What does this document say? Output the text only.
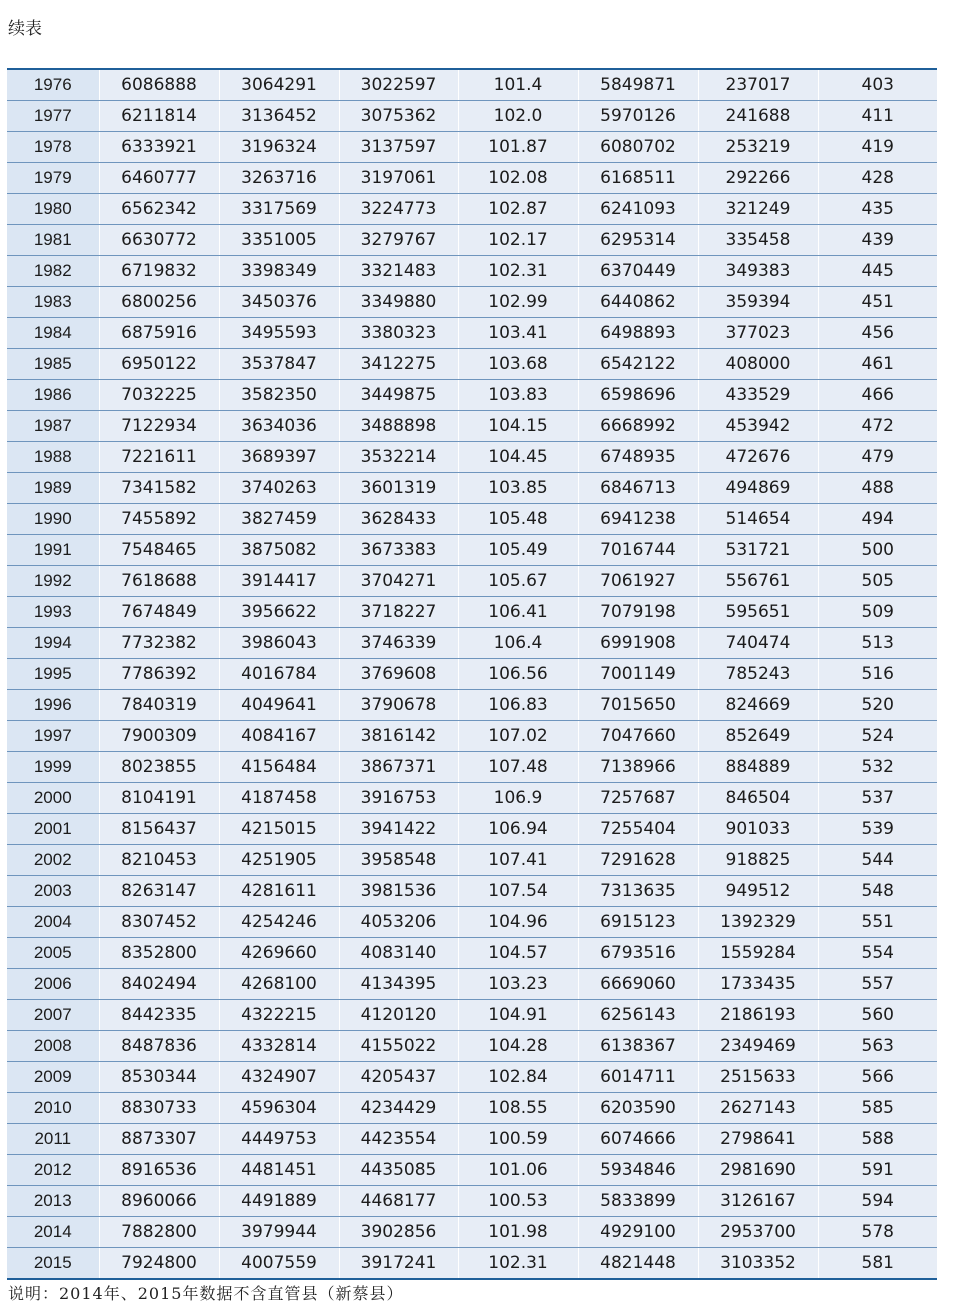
续表
1976	6086888	3064291	3022597	101.4	5849871	237017	403
1977	6211814	3136452	3075362	102.0	5970126	241688	411
1978	6333921	3196324	3137597	101.87	6080702	253219	419
1979	6460777	3263716	3197061	102.08	6168511	292266	428
1980	6562342	3317569	3224773	102.87	6241093	321249	435
1981	6630772	3351005	3279767	102.17	6295314	335458	439
1982	6719832	3398349	3321483	102.31	6370449	349383	445
1983	6800256	3450376	3349880	102.99	6440862	359394	451
1984	6875916	3495593	3380323	103.41	6498893	377023	456
1985	6950122	3537847	3412275	103.68	6542122	408000	461
1986	7032225	3582350	3449875	103.83	6598696	433529	466
1987	7122934	3634036	3488898	104.15	6668992	453942	472
1988	7221611	3689397	3532214	104.45	6748935	472676	479
1989	7341582	3740263	3601319	103.85	6846713	494869	488
1990	7455892	3827459	3628433	105.48	6941238	514654	494
1991	7548465	3875082	3673383	105.49	7016744	531721	500
1992	7618688	3914417	3704271	105.67	7061927	556761	505
1993	7674849	3956622	3718227	106.41	7079198	595651	509
1994	7732382	3986043	3746339	106.4	6991908	740474	513
1995	7786392	4016784	3769608	106.56	7001149	785243	516
1996	7840319	4049641	3790678	106.83	7015650	824669	520
1997	7900309	4084167	3816142	107.02	7047660	852649	524
1999	8023855	4156484	3867371	107.48	7138966	884889	532
2000	8104191	4187458	3916753	106.9	7257687	846504	537
2001	8156437	4215015	3941422	106.94	7255404	901033	539
2002	8210453	4251905	3958548	107.41	7291628	918825	544
2003	8263147	4281611	3981536	107.54	7313635	949512	548
2004	8307452	4254246	4053206	104.96	6915123	1392329	551
2005	8352800	4269660	4083140	104.57	6793516	1559284	554
2006	8402494	4268100	4134395	103.23	6669060	1733435	557
2007	8442335	4322215	4120120	104.91	6256143	2186193	560
2008	8487836	4332814	4155022	104.28	6138367	2349469	563
2009	8530344	4324907	4205437	102.84	6014711	2515633	566
2010	8830733	4596304	4234429	108.55	6203590	2627143	585
2011	8873307	4449753	4423554	100.59	6074666	2798641	588
2012	8916536	4481451	4435085	101.06	5934846	2981690	591
2013	8960066	4491889	4468177	100.53	5833899	3126167	594
2014	7882800	3979944	3902856	101.98	4929100	2953700	578
2015	7924800	4007559	3917241	102.31	4821448	3103352	581
说明：2014年、2015年数据不含直管县（新蔡县）
